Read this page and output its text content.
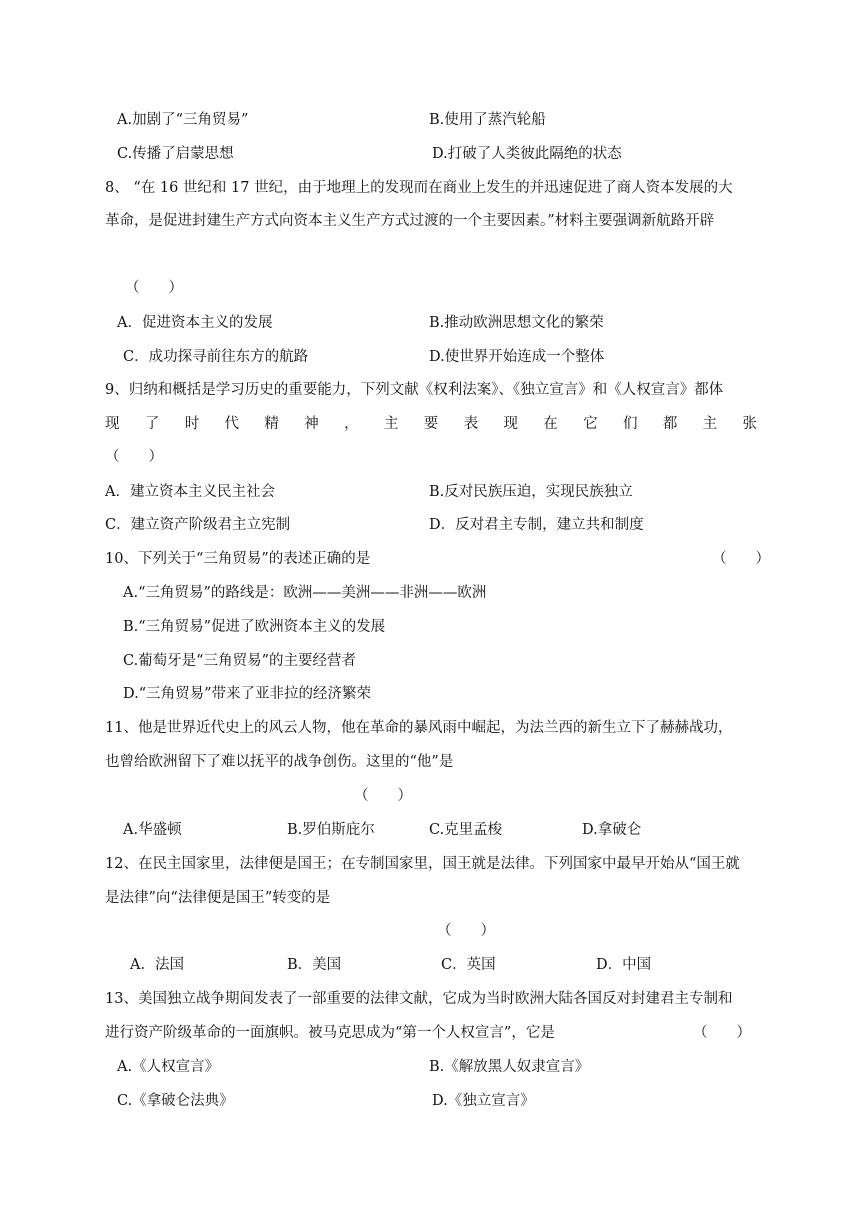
A.加剧了“三角贸易”	B.使用了蒸汽轮船
C.传播了启蒙思想	D.打破了人类彼此隔绝的状态
8、 “在 16 世纪和 17 世纪，由于地理上的发现而在商业上发生的并迅速促进了商人资本发展的大
革命，是促进封建生产方式向资本主义生产方式过渡的一个主要因素。”材料主要强调新航路开辟
（　　）
A．促进资本主义的发展	B.推动欧洲思想文化的繁荣
C．成功探寻前往东方的航路	D.使世界开始连成一个整体
9、归纳和概括是学习历史的重要能力，下列文献《权利法案》、《独立宣言》和《人权宣言》都体
现 了 时 代 精 神 ， 主 要 表 现 在 它 们 都 主 张
（　　）
A．建立资本主义民主社会	B.反对民族压迫，实现民族独立
C．建立资产阶级君主立宪制	D．反对君主专制，建立共和制度
10、下列关于“三角贸易”的表述正确的是	（　　）
A.“三角贸易”的路线是：欧洲——美洲——非洲——欧洲
B.“三角贸易”促进了欧洲资本主义的发展
C.葡萄牙是“三角贸易”的主要经营者
D.“三角贸易”带来了亚非拉的经济繁荣
11、他是世界近代史上的风云人物，他在革命的暴风雨中崛起，为法兰西的新生立下了赫赫战功，
也曾给欧洲留下了难以抚平的战争创伤。这里的“他”是
（　　）
A.华盛顿	B.罗伯斯庇尔	C.克里孟梭	D.拿破仑
12、在民主国家里，法律便是国王；在专制国家里，国王就是法律。下列国家中最早开始从“国王就
是法律”向“法律便是国王”转变的是
（　　）
A．法国	B．美国	C．英国	D．中国
13、美国独立战争期间发表了一部重要的法律文献，它成为当时欧洲大陆各国反对封建君主专制和
进行资产阶级革命的一面旗帜。被马克思成为“第一个人权宣言”，它是	（　　）
A.《人权宣言》	B.《解放黑人奴隶宣言》
C.《拿破仑法典》	D.《独立宣言》
